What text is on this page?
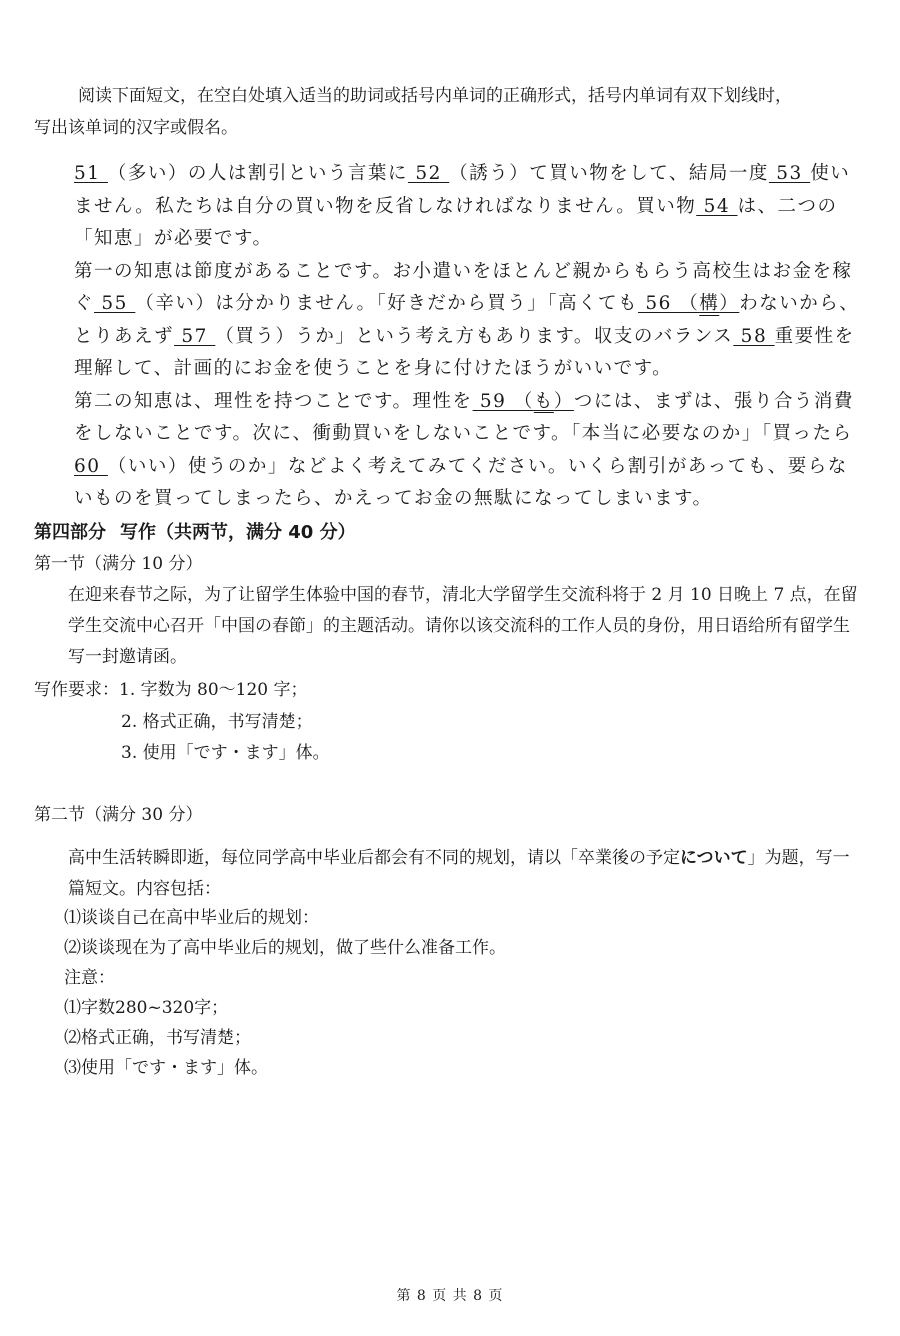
阅读下面短文，在空白处填入适当的助词或括号内单词的正确形式，括号内单词有双下划线时，
写出该单词的汉字或假名。

51 （多い）の人は割引という言葉に 52 （誘う）て買い物をして、結局一度 53 使いません。私たちは自分の買い物を反省しなければなりません。買い物 54 は、二つの「知恵」が必要です。

第一の知恵は節度があることです。お小遣いをほとんど親からもらう高校生はお金を稼ぐ 55 （辛い）は分かりません。「好きだから買う」「高くても 56 （構）わないから、とりあえず 57 （買う）うか」という考え方もあります。収支のバランス 58 重要性を理解して、計画的にお金を使うことを身に付けたほうがいいです。

第二の知恵は、理性を持つことです。理性を 59 （も）つには、まずは、張り合う消費をしないことです。次に、衝動買いをしないことです。「本当に必要なのか」「買ったら 60 （いい）使うのか」などよく考えてみてください。いくら割引があっても、要らないものを買ってしまったら、かえってお金の無駄になってしまいます。

第四部分 写作（共两节，满分 40 分）

第一节（满分 10 分）

在迎来春节之际，为了让留学生体验中国的春节，清北大学留学生交流科将于 2 月 10 日晚上 7 点，在留学生交流中心召开「中国の春節」的主题活动。请你以该交流科的工作人员的身份，用日语给所有留学生写一封邀请函。

写作要求：1. 字数为 80～120 字；
2. 格式正确，书写清楚；
3. 使用「です・ます」体。

第二节（满分 30 分）

高中生活转瞬即逝，每位同学高中毕业后都会有不同的规划，请以「卒業後の予定について」为题，写一篇短文。内容包括：

⑴谈谈自己在高中毕业后的规划：
⑵谈谈现在为了高中毕业后的规划，做了些什么准备工作。
注意：
⑴字数280~320字；
⑵格式正确，书写清楚；
⑶使用「です・ます」体。
第 8 页 共 8 页
